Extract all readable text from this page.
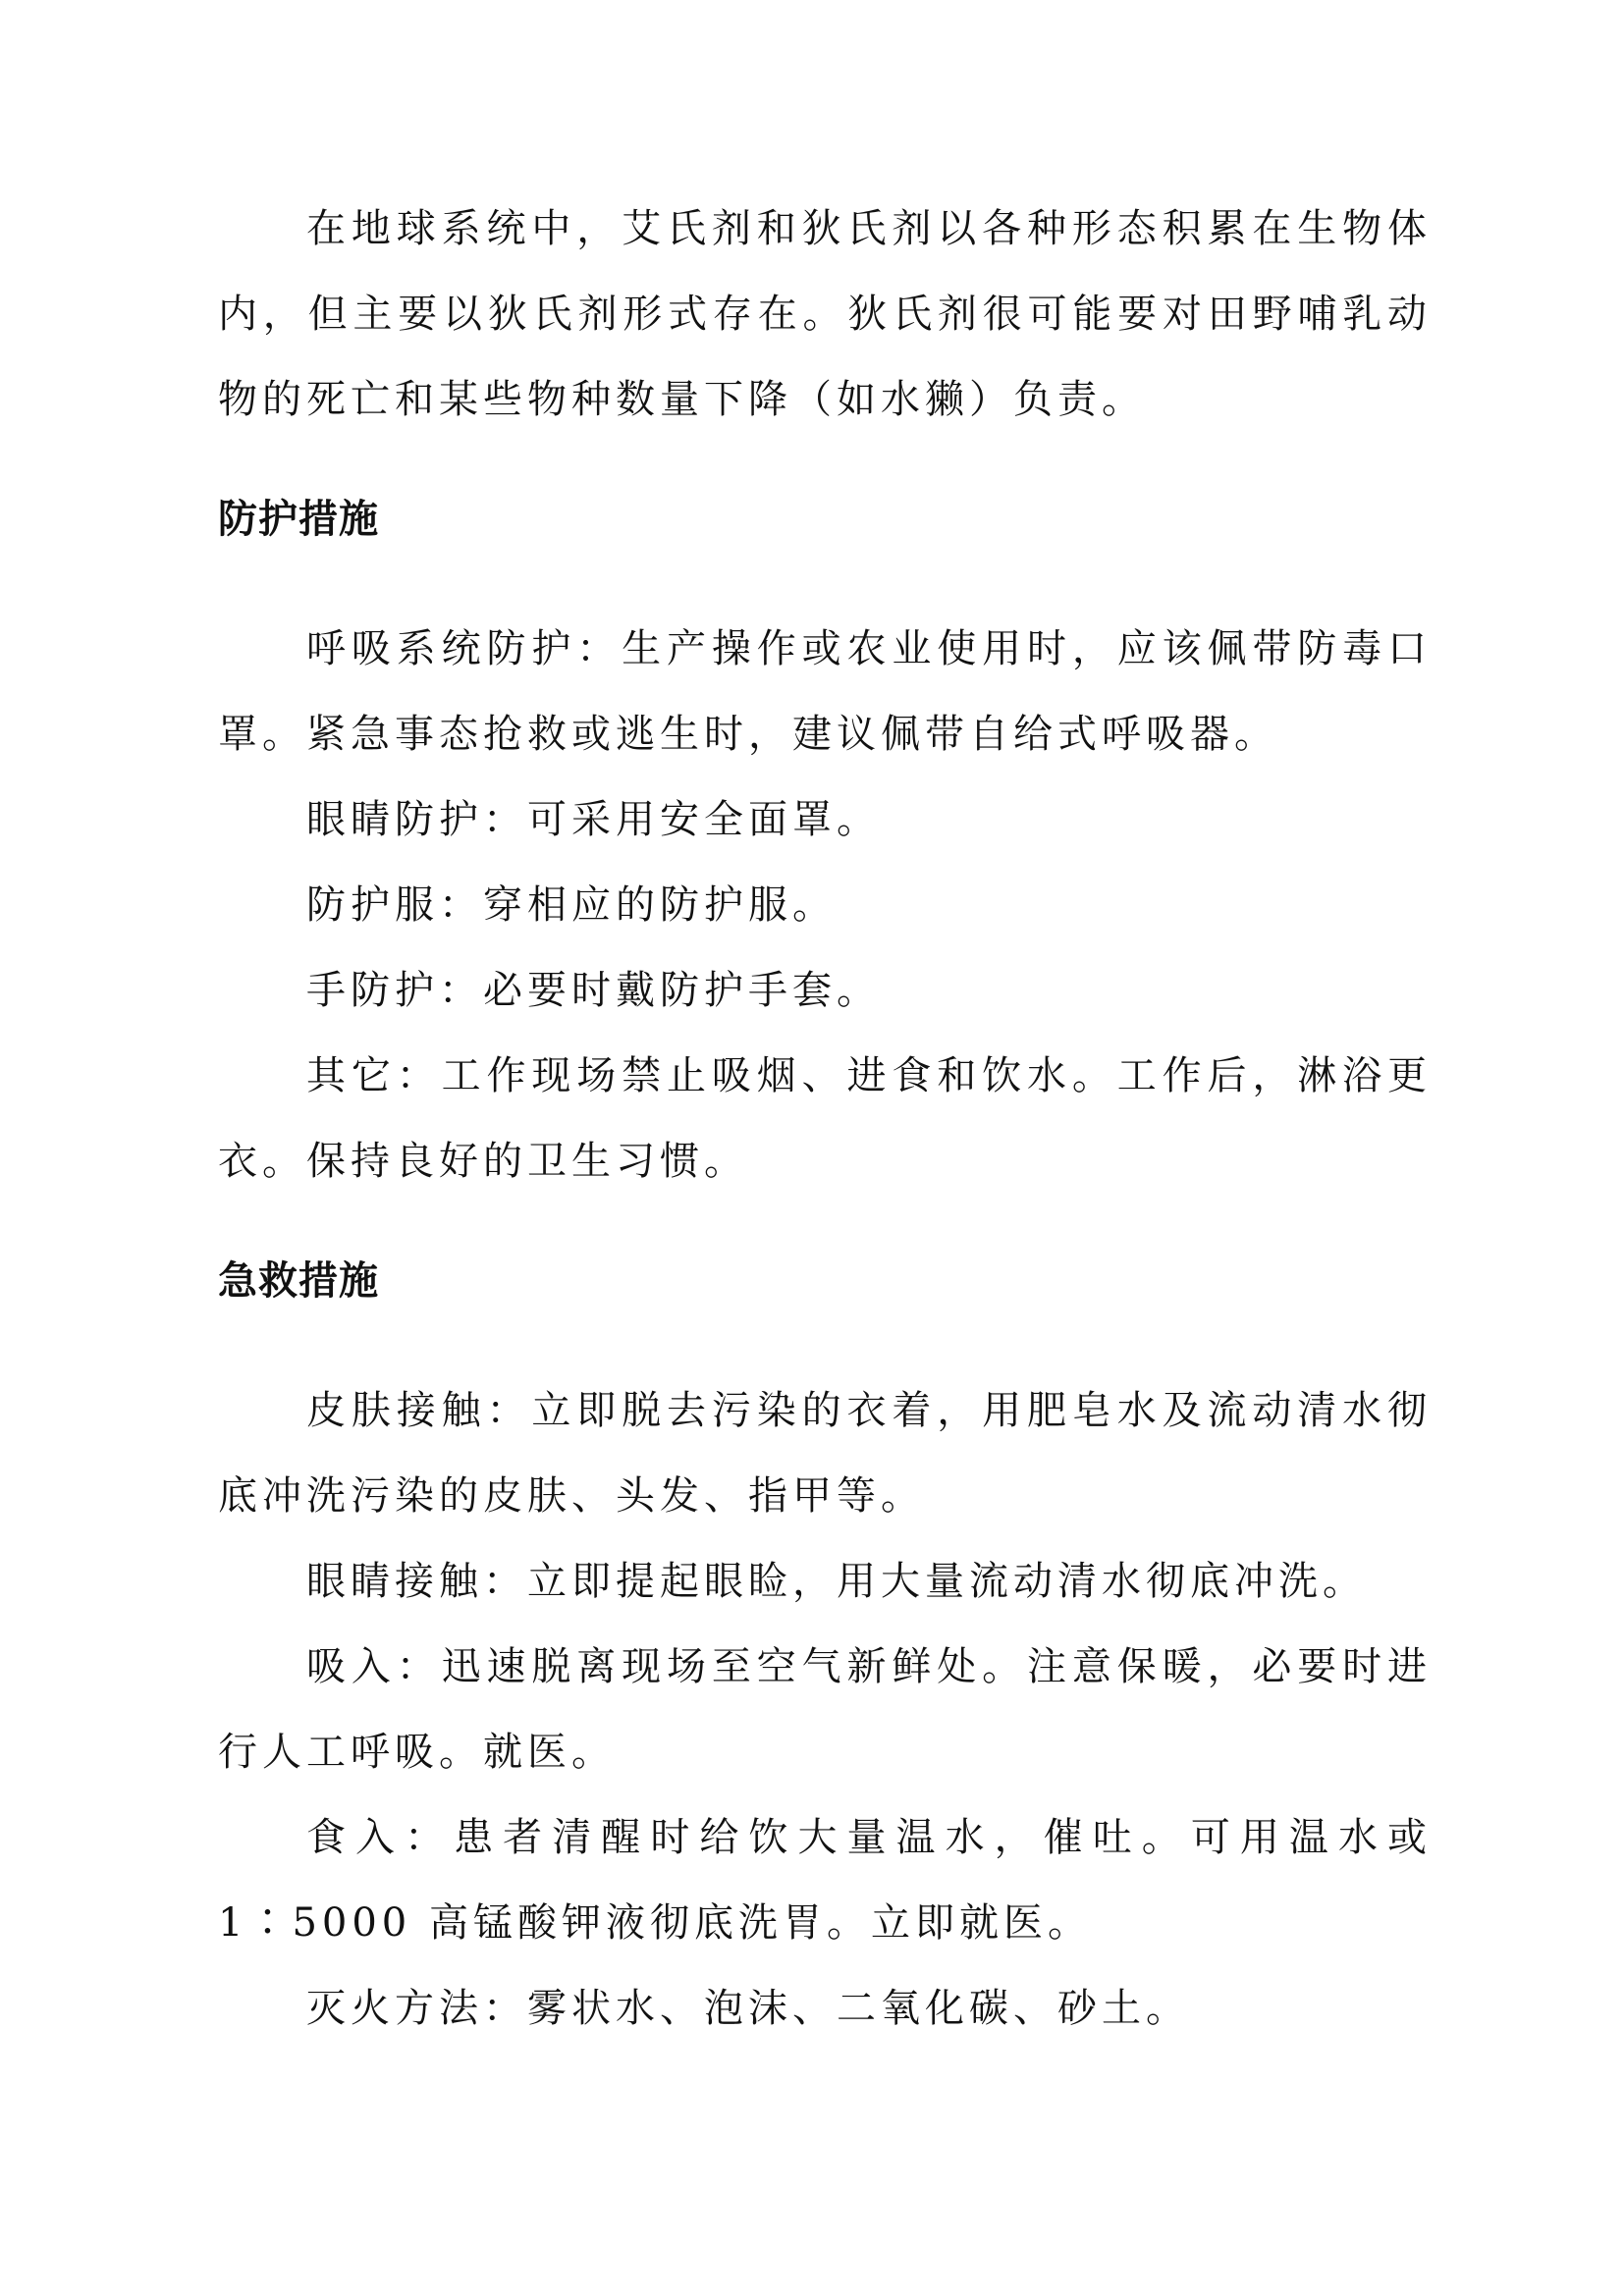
在地球系统中，艾氏剂和狄氏剂以各种形态积累在生物体内，但主要以狄氏剂形式存在。狄氏剂很可能要对田野哺乳动物的死亡和某些物种数量下降（如水獭）负责。

防护措施

呼吸系统防护：生产操作或农业使用时，应该佩带防毒口罩。紧急事态抢救或逃生时，建议佩带自给式呼吸器。

眼睛防护：可采用安全面罩。

防护服：穿相应的防护服。

手防护：必要时戴防护手套。

其它：工作现场禁止吸烟、进食和饮水。工作后，淋浴更衣。保持良好的卫生习惯。

急救措施

皮肤接触：立即脱去污染的衣着，用肥皂水及流动清水彻底冲洗污染的皮肤、头发、指甲等。

眼睛接触：立即提起眼睑，用大量流动清水彻底冲洗。

吸入：迅速脱离现场至空气新鲜处。注意保暖，必要时进行人工呼吸。就医。

食入：患者清醒时给饮大量温水，催吐。可用温水或 1∶5000 高锰酸钾液彻底洗胃。立即就医。

灭火方法：雾状水、泡沫、二氧化碳、砂土。
